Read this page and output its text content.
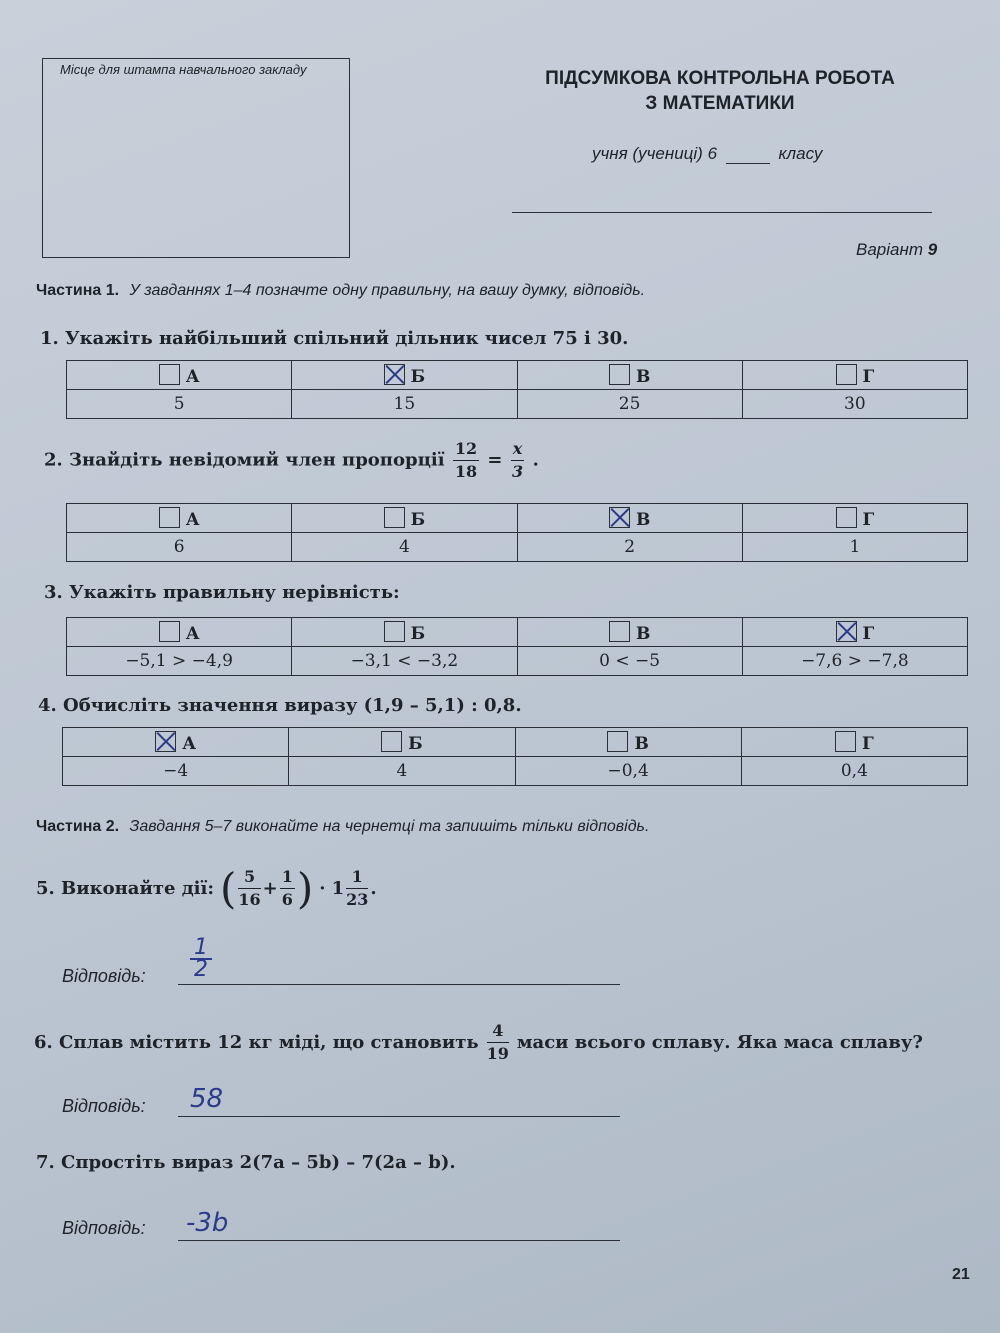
Місце для штампа навчального закладу	ПІДСУМКОВА КОНТРОЛЬНА РОБОТА
З МАТЕМАТИКИ
учня (учениці) 6	класу
Варіант 9
Частина 1. У завданнях 1–4 позначте одну правильну, на вашу думку, відповідь.
1. Укажіть найбільший спільний дільник чисел 75 і 30.
А	Б	В	Г
5	15	25	30
2. Знайдіть невідомий член пропорції $\frac{12}{18} = \frac{x}{3}$ .
А	Б	В	Г
6	4	2	1
3. Укажіть правильну нерівність:
А	Б	В	Г
−5,1 > −4,9	−3,1 < −3,2	0 < −5	−7,6 > −7,8
4. Обчисліть значення виразу (1,9 – 5,1) : 0,8.
А	Б	В	Г
−4	4	−0,4	0,4
Частина 2. Завдання 5–7 виконайте на чернетці та запишіть тільки відповідь.
5. Виконайте дії: ( $\frac{5}{16} + \frac{1}{6}$ ) · $1 \frac{1}{23}$ .
Відповідь: $\frac{1}{2}$
6. Сплав містить 12 кг міді, що становить $\frac{4}{19}$ маси всього сплаву. Яка маса сплаву?
Відповідь: 58
7. Спростіть вираз 2(7a – 5b) – 7(2a – b).
Відповідь: -3b
21
